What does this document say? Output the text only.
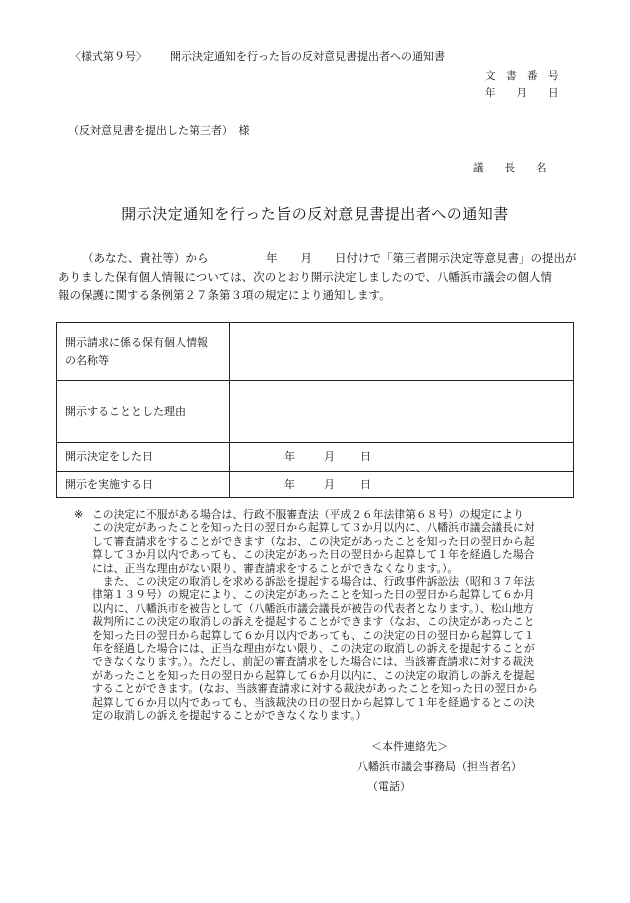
〈様式第９号〉 開示決定通知を行った旨の反対意見書提出者への通知書
文　書　番　号
年　　月　　日
（反対意見書を提出した第三者）　様
議　　長　　名
開示決定通知を行った旨の反対意見書提出者への通知書

（あなた、貴社等）から　　　　　年　　月　　日付けで「第三者開示決定等意見書」の提出が

ありました保有個人情報については、次のとおり開示決定しましたので、八幡浜市議会の個人情

報の保護に関する条例第２７条第３項の規定により通知します。

開示請求に係る保有個人情報
の名称等	

開示することとした理由	

開示決定をした日	年 月 日

開示を実施する日	年 月 日
※ この決定に不服がある場合は、行政不服審査法（平成２６年法律第６８号）の規定により

この決定があったことを知った日の翌日から起算して３か月以内に、八幡浜市議会議長に対

して審査請求をすることができます（なお、この決定があったことを知った日の翌日から起

算して３か月以内であっても、この決定があった日の翌日から起算して１年を経過した場合

には、正当な理由がない限り、審査請求をすることができなくなります。）。

　また、この決定の取消しを求める訴訟を提起する場合は、行政事件訴訟法（昭和３７年法

律第１３９号）の規定により、この決定があったことを知った日の翌日から起算して６か月

以内に、八幡浜市を被告として（八幡浜市議会議長が被告の代表者となります。）、松山地方

裁判所にこの決定の取消しの訴えを提起することができます（なお、この決定があったこと

を知った日の翌日から起算して６か月以内であっても、この決定の日の翌日から起算して１

年を経過した場合には、正当な理由がない限り、この決定の取消しの訴えを提起することが

できなくなります。）。ただし、前記の審査請求をした場合には、当該審査請求に対する裁決

があったことを知った日の翌日から起算して６か月以内に、この決定の取消しの訴えを提起

することができます。(なお、当該審査請求に対する裁決があったことを知った日の翌日から

起算して６か月以内であっても、当該裁決の日の翌日から起算して１年を経過するとこの決

定の取消しの訴えを提起することができなくなります。）

＜本件連絡先＞
八幡浜市議会事務局（担当者名）
（電話）
